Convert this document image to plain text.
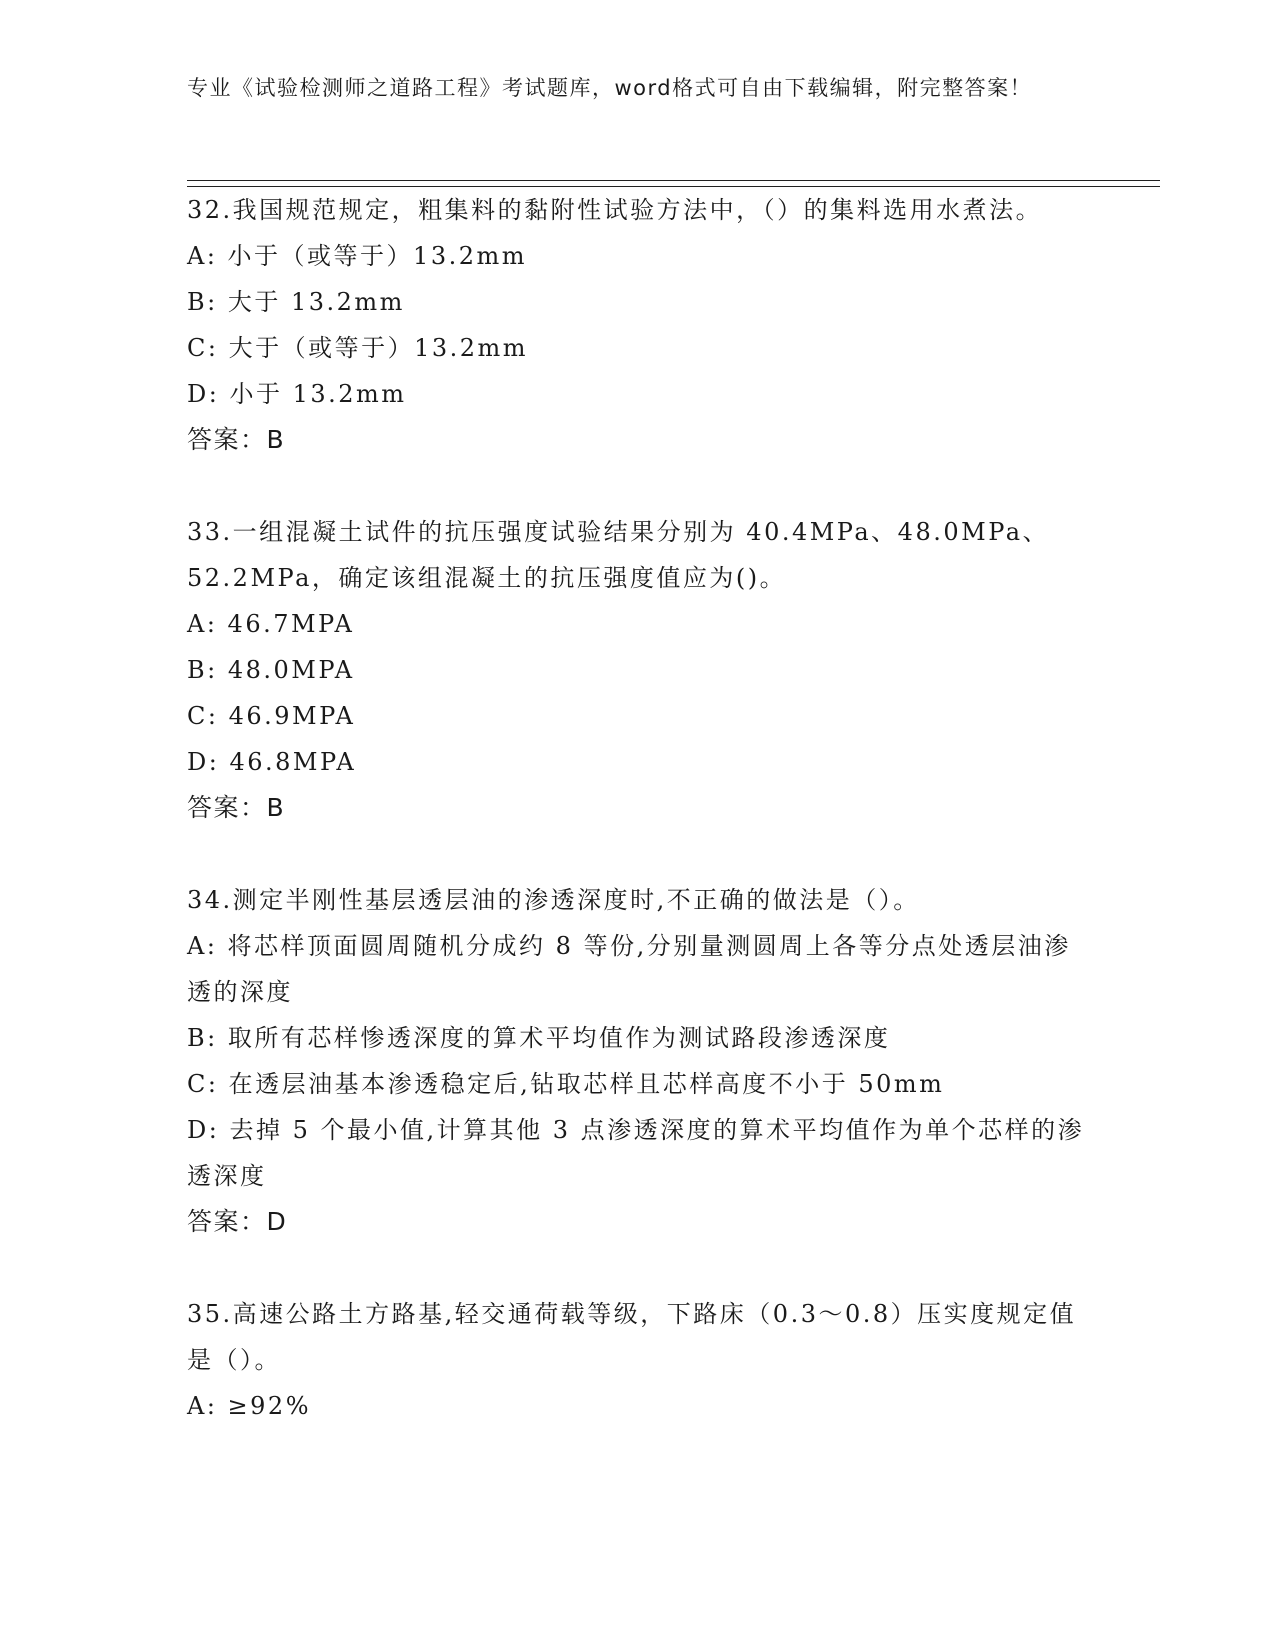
专业《试验检测师之道路工程》考试题库，word格式可自由下载编辑，附完整答案！

32.我国规范规定，粗集料的黏附性试验方法中，（）的集料选用水煮法。

A: 小于（或等于）13.2mm

B: 大于 13.2mm

C: 大于（或等于）13.2mm

D: 小于 13.2mm

答案：B

33.一组混凝土试件的抗压强度试验结果分别为 40.4MPa、48.0MPa、52.2MPa，确定该组混凝土的抗压强度值应为()。

A: 46.7MPA

B: 48.0MPA

C: 46.9MPA

D: 46.8MPA

答案：B

34.测定半刚性基层透层油的渗透深度时,不正确的做法是（）。

A: 将芯样顶面圆周随机分成约 8 等份,分别量测圆周上各等分点处透层油渗透的深度

B: 取所有芯样惨透深度的算术平均值作为测试路段渗透深度

C: 在透层油基本渗透稳定后,钻取芯样且芯样高度不小于 50mm

D: 去掉 5 个最小值,计算其他 3 点渗透深度的算术平均值作为单个芯样的渗透深度

答案：D

35.高速公路土方路基,轻交通荷载等级，下路床（0.3～0.8）压实度规定值是（）。

A: ≥92%
